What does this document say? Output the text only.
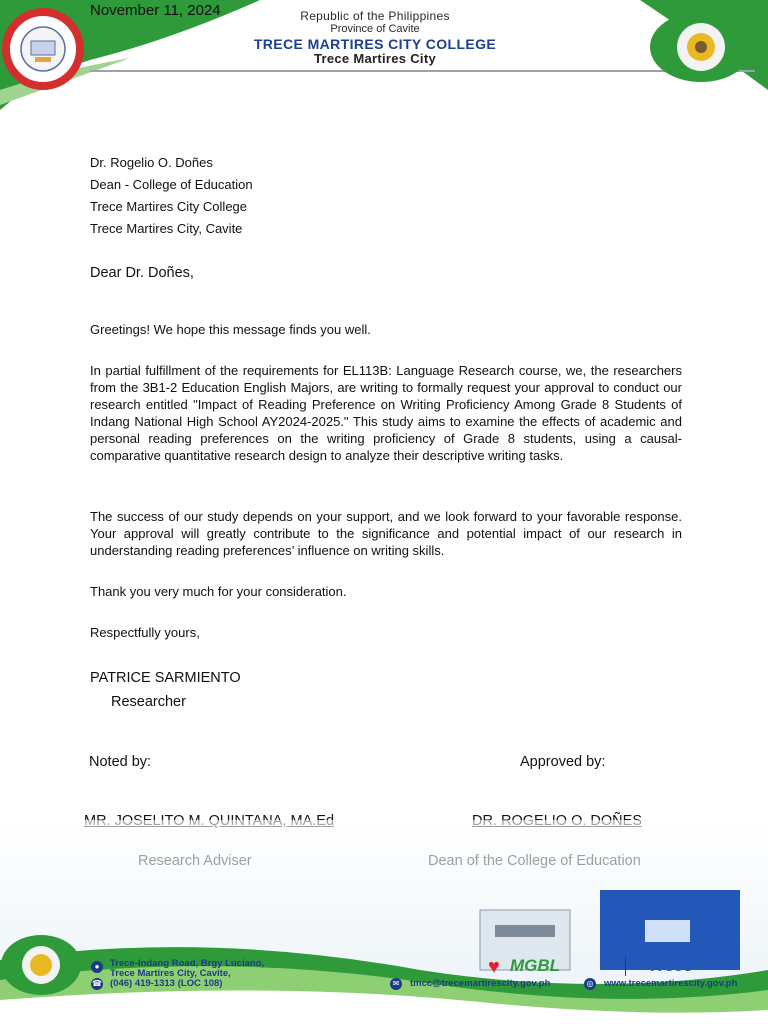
November 11, 2024	Republic of the Philippines
Province of Cavite
TRECE MARTIRES CITY COLLEGE
Trece Martires City
Dr. Rogelio O. Doñes
Dean - College of Education
Trece Martires City College
Trece Martires City, Cavite
Dear Dr. Doñes,
Greetings! We hope this message finds you well.
In partial fulfillment of the requirements for EL113B: Language Research course, we, the researchers from the 3B1-2 Education English Majors, are writing to formally request your approval to conduct our research entitled "Impact of Reading Preference on Writing Proficiency Among Grade 8 Students of Indang National High School AY2024-2025." This study aims to examine the effects of academic and personal reading preferences on the writing proficiency of Grade 8 students, using a causal-comparative quantitative research design to analyze their descriptive writing tasks.
The success of our study depends on your support, and we look forward to your favorable response. Your approval will greatly contribute to the significance and potential impact of our research in understanding reading preferences’ influence on writing skills.
Thank you very much for your consideration.
Respectfully yours,
PATRICE SARMIENTO
Researcher
Noted by:	Approved by:
●	Trece-Indang Road, Brgy Luciano,
Trece Martires City, Cavite,
☎ (046) 419-1313 (LOC 108)
♥ MGBL	Trece
✉ tmcc@trecemartirescity.gov.ph	◎ www.trecemartirescity.gov.ph
